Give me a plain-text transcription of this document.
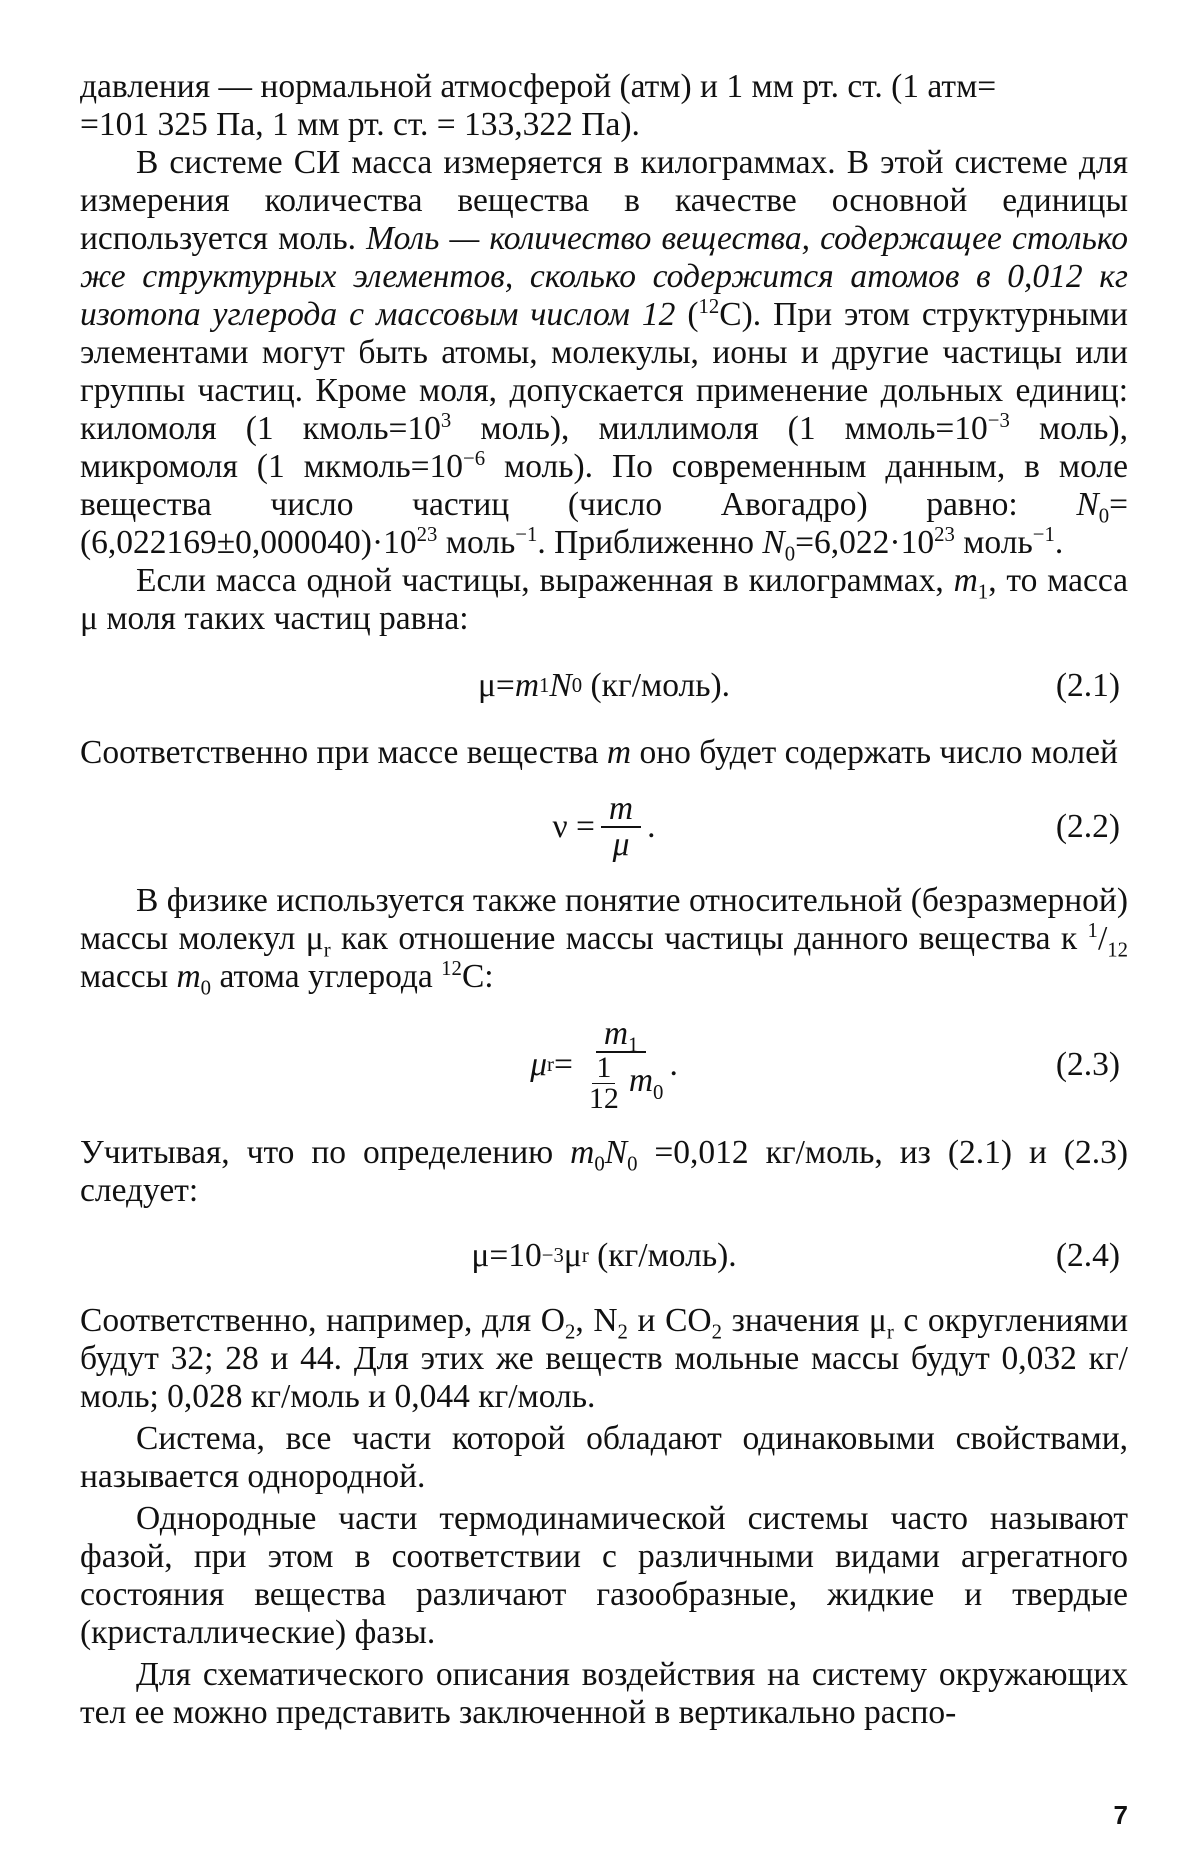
давления — нормальной атмосферой (атм) и 1 мм рт. ст. (1 атм=
=101 325 Па, 1 мм рт. ст. = 133,322 Па).

В системе СИ масса измеряется в килограммах. В этой системе для измерения количества вещества в качестве основной единицы используется моль. Моль — количество вещества, содержащее столько же структурных элементов, сколько содержится атомов в 0,012 кг изотопа углерода с массовым числом 12 ($^{12}$С). При этом структурными элементами могут быть атомы, молекулы, ионы и другие частицы или группы частиц. Кроме моля, допускается применение дольных единиц: киломоля (1 $кмоль=10^3$ моль), миллимоля (1 $ммоль=10^{-3}$ моль), микромоля (1 $мкмоль=10^{-6}$ моль). По современным данным, в моле вещества число частиц (число Авогадро) равно: $N_0=(6,022169\pm 0,000040)\cdot 10^{23}$ моль$^{-1}$. Приближенно $N_0=6,022\cdot 10^{23}$ моль$^{-1}$.

Если масса одной частицы, выраженная в килограммах, $m_1$, то масса μ моля таких частиц равна:

μ= m 1 N 0 (кг/моль).	(2.1)

Соответственно при массе вещества m оно будет содержать число молей

$\nu = \frac{m}{\mu}$ .	(2.2)

В физике используется также понятие относительной (безразмерной) массы молекул $\mu_r$ как отношение массы частицы данного вещества к $^1/_{12}$ массы $m_0$ атома углерода $^{12}$С:

μ $r = \frac{m_1}{\frac{1}{12} m_0}$ .	(2.3)

Учитывая, что по определению $m_0N_0 =0,012$ кг/моль, из (2.1) и (2.3) следует:

μ=10 −3 μ r (кг/моль).	(2.4)

Соответственно, например, для $O_2$, $N_2$ и $CO_2$ значения $\mu_r$ с округлениями будут 32; 28 и 44. Для этих же веществ мольные массы будут 0,032 кг/моль; 0,028 кг/моль и 0,044 кг/моль.

Система, все части которой обладают одинаковыми свойствами, называется однородной.

Однородные части термодинамической системы часто называют фазой, при этом в соответствии с различными видами агрегатного состояния вещества различают газообразные, жидкие и твердые (кристаллические) фазы.

Для схематического описания воздействия на систему окружающих тел ее можно представить заключенной в вертикально распо-

7
